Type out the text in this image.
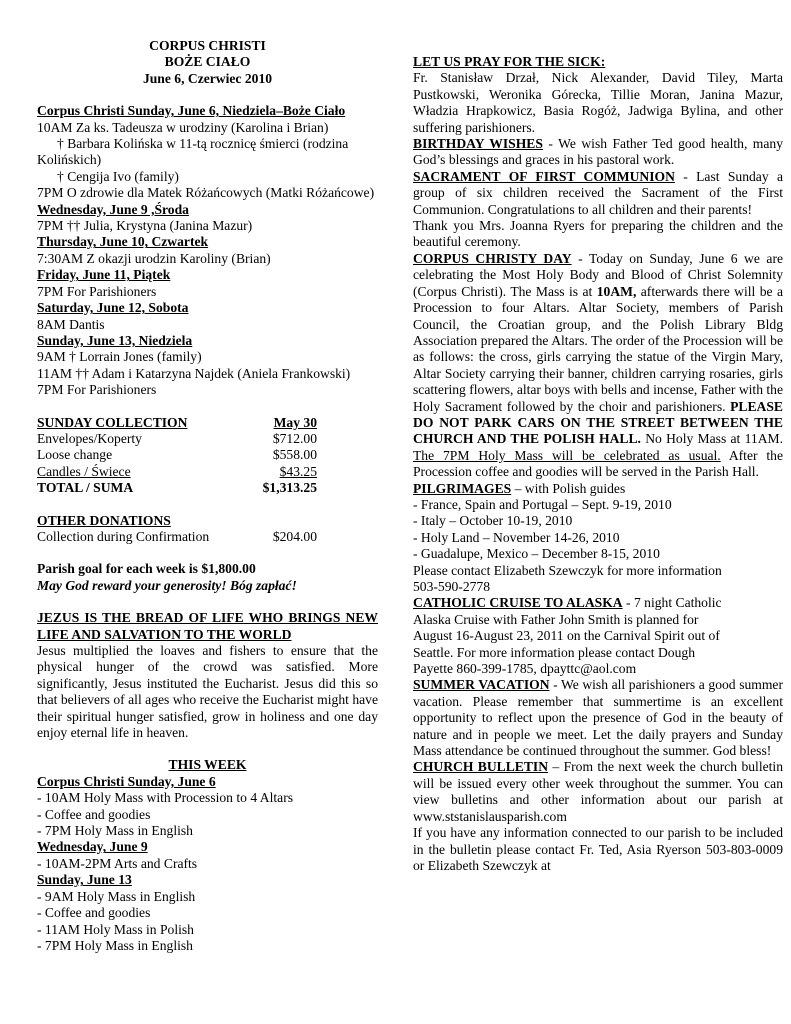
CORPUS CHRISTI

BOŻE CIAŁO

June 6, Czerwiec 2010

Corpus Christi Sunday, June 6, Niedziela–Boże Ciało

10AM Za ks. Tadeusza w urodziny (Karolina i Brian)

† Barbara Kolińska w 11-tą rocznicę śmierci (rodzina Kolińskich)

† Cengija Ivo (family)

7PM O zdrowie dla Matek Różańcowych (Matki Różańcowe)

Wednesday, June 9 ,Środa

7PM †† Julia, Krystyna (Janina Mazur)

Thursday, June 10, Czwartek

7:30AM Z okazji urodzin Karoliny (Brian)

Friday, June 11, Piątek

7PM For Parishioners

Saturday, June 12, Sobota

8AM Dantis

Sunday, June 13, Niedziela

9AM † Lorrain Jones (family)

11AM †† Adam i Katarzyna Najdek (Aniela Frankowski)

7PM For Parishioners

SUNDAY COLLECTION	May 30
Envelopes/Koperty	$712.00
Loose change	$558.00
Candles / Świece	$43.25
TOTAL / SUMA	$1,313.25

OTHER DONATIONS

Collection during Confirmation	$204.00

Parish goal for each week is $1,800.00

May God reward your generosity! Bóg zapłać!

JEZUS IS THE BREAD OF LIFE WHO BRINGS NEW LIFE AND SALVATION TO THE WORLD

Jesus multiplied the loaves and fishers to ensure that the physical hunger of the crowd was satisfied. More significantly, Jesus instituted the Eucharist. Jesus did this so that believers of all ages who receive the Eucharist might have their spiritual hunger satisfied, grow in holiness and one day enjoy eternal life in heaven.

THIS WEEK

Corpus Christi Sunday, June 6

- 10AM Holy Mass with Procession to 4 Altars

- Coffee and goodies

- 7PM Holy Mass in English

Wednesday, June 9

- 10AM-2PM Arts and Crafts

Sunday, June 13

- 9AM Holy Mass in English

- Coffee and goodies

- 11AM Holy Mass in Polish

- 7PM Holy Mass in English

LET US PRAY FOR THE SICK:

Fr. Stanisław Drzał, Nick Alexander, David Tiley, Marta Pustkowski, Weronika Górecka, Tillie Moran, Janina Mazur, Władzia Hrapkowicz, Basia Rogóż, Jadwiga Bylina, and other suffering parishioners.

BIRTHDAY WISHES - We wish Father Ted good health, many God’s blessings and graces in his pastoral work.

SACRAMENT OF FIRST COMMUNION - Last Sunday a group of six children received the Sacrament of the First Communion. Congratulations to all children and their parents!

Thank you Mrs. Joanna Ryers for preparing the children and the beautiful ceremony.

CORPUS CHRISTY DAY - Today on Sunday, June 6 we are celebrating the Most Holy Body and Blood of Christ Solemnity (Corpus Christi). The Mass is at 10AM, afterwards there will be a Procession to four Altars. Altar Society, members of Parish Council, the Croatian group, and the Polish Library Bldg Association prepared the Altars. The order of the Procession will be as follows: the cross, girls carrying the statue of the Virgin Mary, Altar Society carrying their banner, children carrying rosaries, girls scattering flowers, altar boys with bells and incense, Father with the Holy Sacrament followed by the choir and parishioners. PLEASE DO NOT PARK CARS ON THE STREET BETWEEN THE CHURCH AND THE POLISH HALL. No Holy Mass at 11AM. The 7PM Holy Mass will be celebrated as usual. After the Procession coffee and goodies will be served in the Parish Hall.

PILGRIMAGES – with Polish guides

- France, Spain and Portugal – Sept. 9-19, 2010

- Italy – October 10-19, 2010

- Holy Land – November 14-26, 2010

- Guadalupe, Mexico – December 8-15, 2010

Please contact Elizabeth Szewczyk for more information

503-590-2778

CATHOLIC CRUISE TO ALASKA - 7 night Catholic

Alaska Cruise with Father John Smith is planned for

August 16-August 23, 2011 on the Carnival Spirit out of

Seattle. For more information please contact Dough

Payette 860-399-1785, dpayttc@aol.com

SUMMER VACATION - We wish all parishioners a good summer vacation. Please remember that summertime is an excellent opportunity to reflect upon the presence of God in the beauty of nature and in people we meet. Let the daily prayers and Sunday Mass attendance be continued throughout the summer. God bless!

CHURCH BULLETIN – From the next week the church bulletin will be issued every other week throughout the summer. You can view bulletins and other information about our parish at www.ststanislausparish.com

If you have any information connected to our parish to be included in the bulletin please contact Fr. Ted, Asia Ryerson 503-803-0009 or Elizabeth Szewczyk at
